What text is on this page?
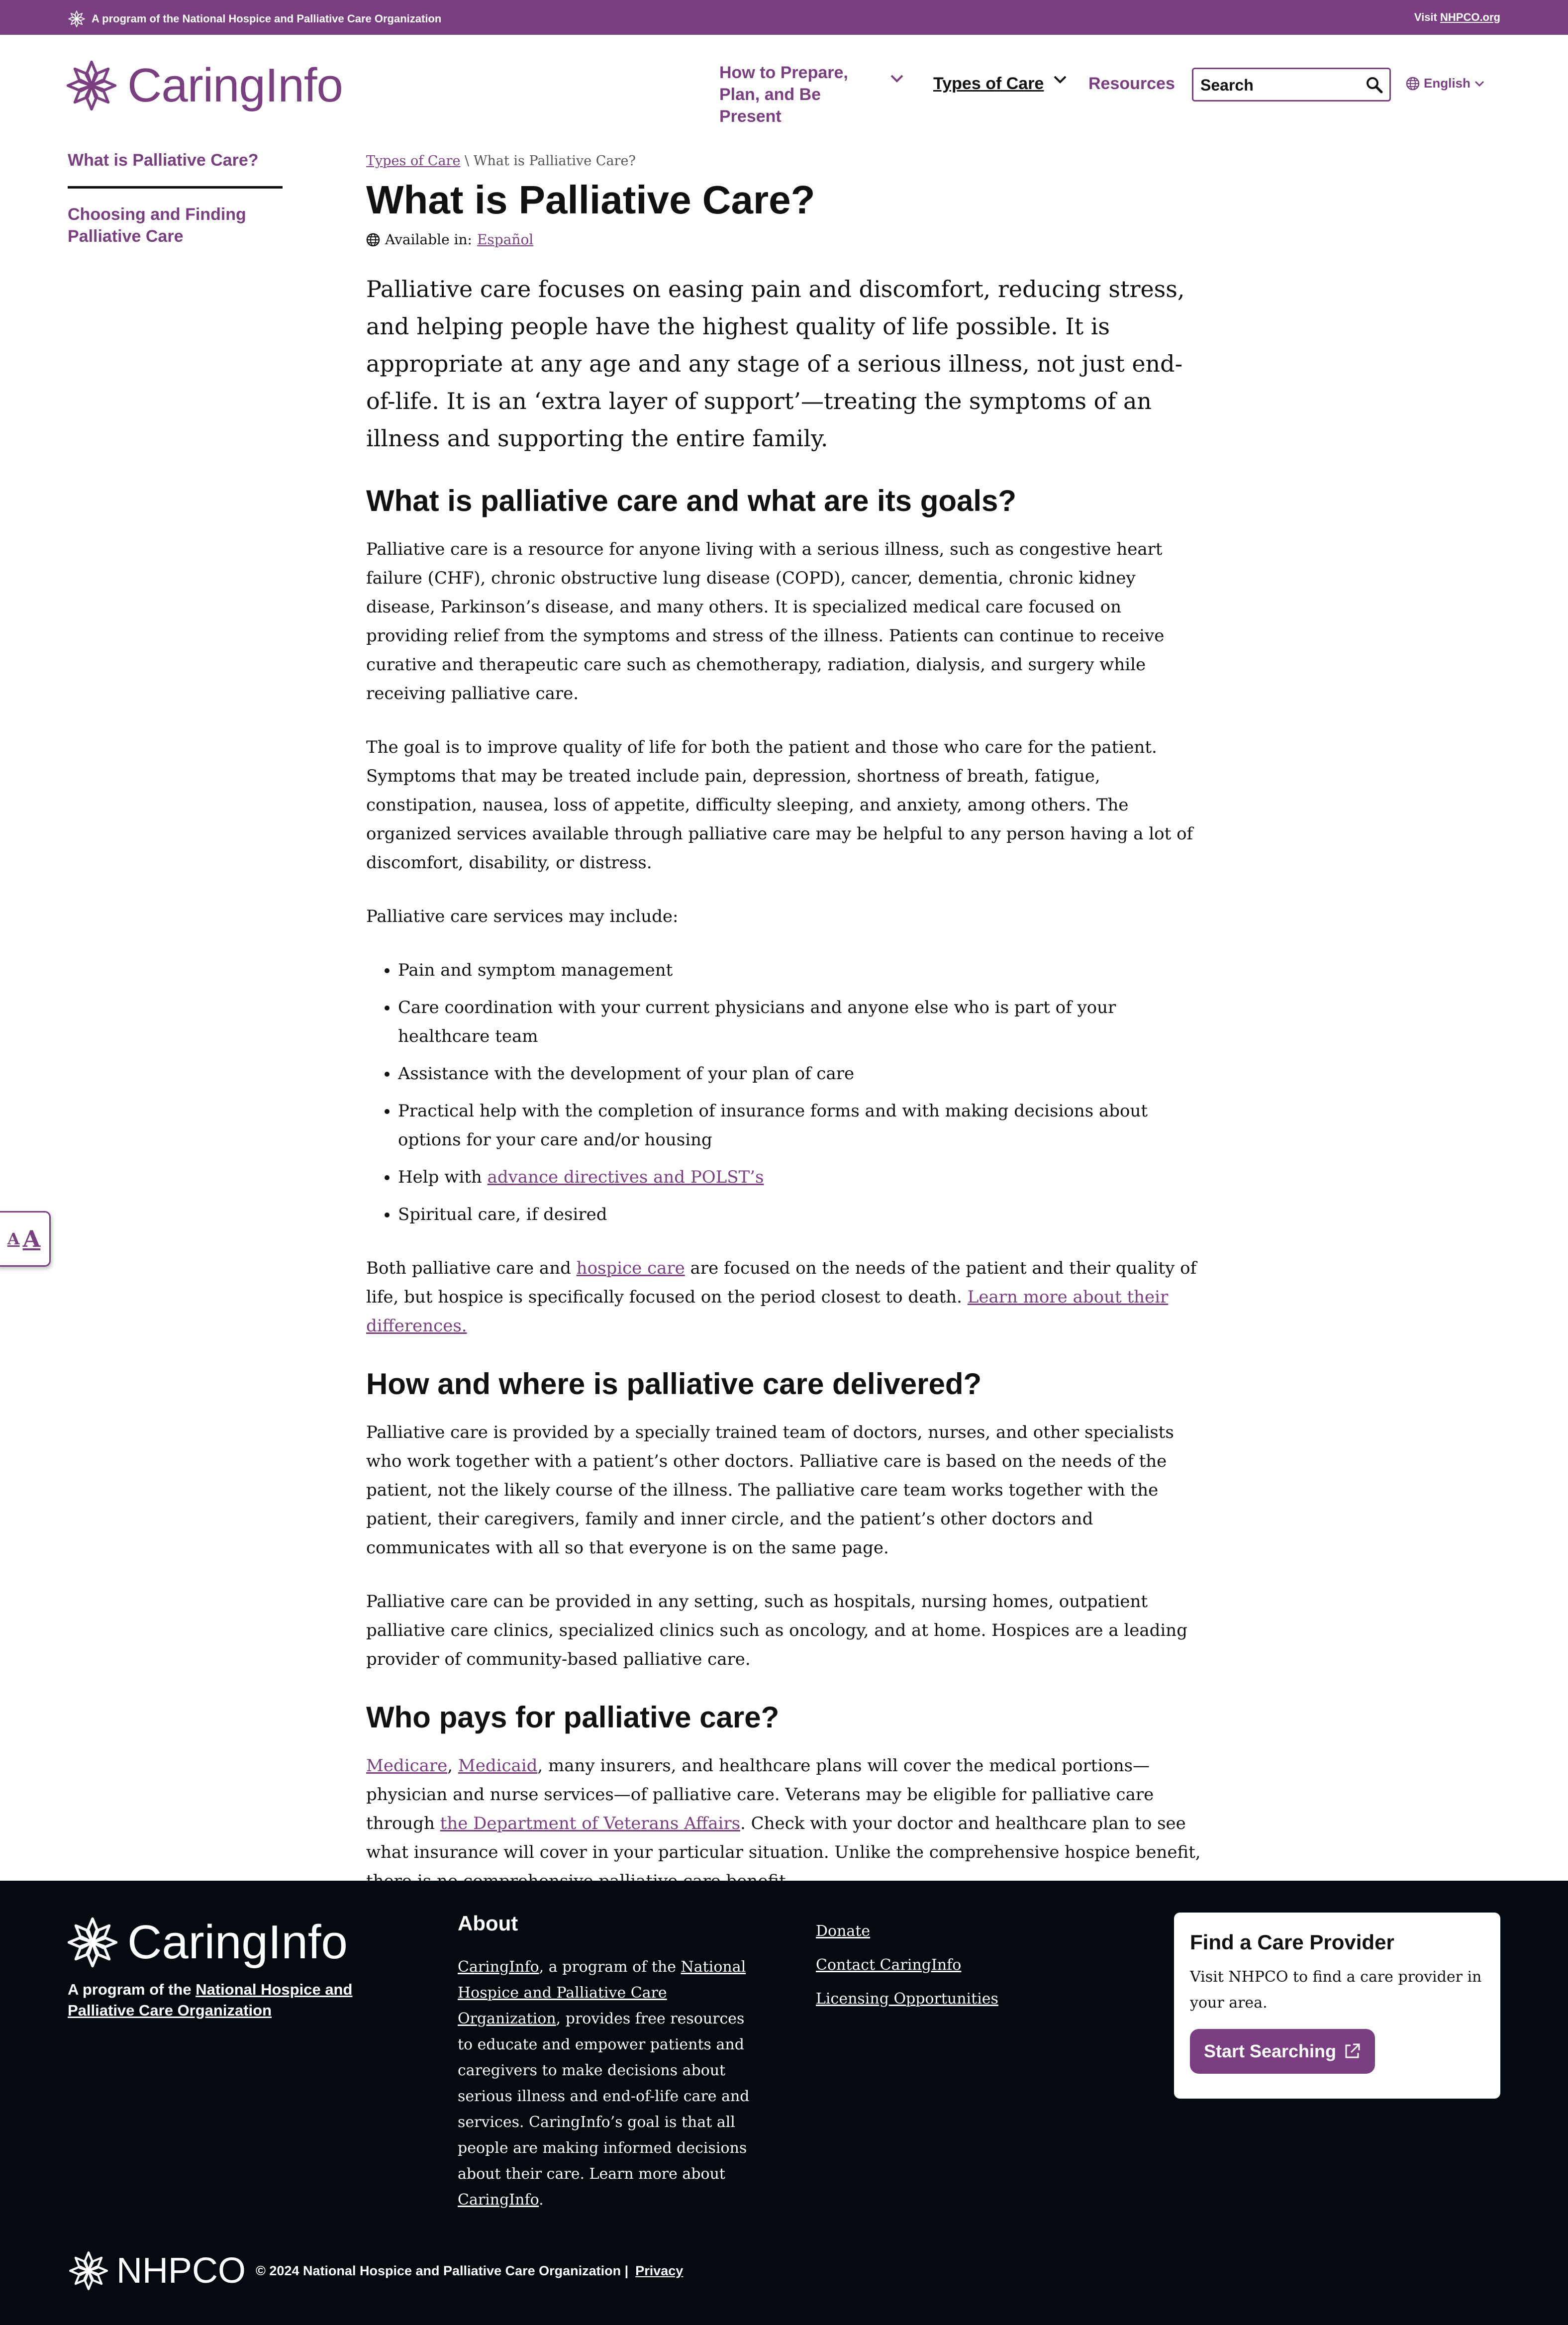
A program of the National Hospice and Palliative Care Organization	Visit NHPCO.org
CaringInfo	How to Prepare, Plan, and Be Present
Types of Care	Resources
Search	English
What is Palliative Care?
Choosing and Finding Palliative Care
A A
Types of Care \ What is Palliative Care?
What is Palliative Care?
Available in: Español

Palliative care focuses on easing pain and discomfort, reducing stress, and helping people have the highest quality of life possible. It is appropriate at any age and any stage of a serious illness, not just end-of-life. It is an ‘extra layer of support’—treating the symptoms of an illness and supporting the entire family.

What is palliative care and what are its goals?

Palliative care is a resource for anyone living with a serious illness, such as congestive heart failure (CHF), chronic obstructive lung disease (COPD), cancer, dementia, chronic kidney disease, Parkinson’s disease, and many others. It is specialized medical care focused on providing relief from the symptoms and stress of the illness. Patients can continue to receive curative and therapeutic care such as chemotherapy, radiation, dialysis, and surgery while receiving palliative care.

The goal is to improve quality of life for both the patient and those who care for the patient. Symptoms that may be treated include pain, depression, shortness of breath, fatigue, constipation, nausea, loss of appetite, difficulty sleeping, and anxiety, among others. The organized services available through palliative care may be helpful to any person having a lot of discomfort, disability, or distress.

Palliative care services may include:

• Pain and symptom management
• Care coordination with your current physicians and anyone else who is part of your healthcare team
• Assistance with the development of your plan of care
• Practical help with the completion of insurance forms and with making decisions about options for your care and/or housing
• Help with advance directives and POLST’s
• Spiritual care, if desired

Both palliative care and hospice care are focused on the needs of the patient and their quality of life, but hospice is specifically focused on the period closest to death. Learn more about their differences.

How and where is palliative care delivered?

Palliative care is provided by a specially trained team of doctors, nurses, and other specialists who work together with a patient’s other doctors. Palliative care is based on the needs of the patient, not the likely course of the illness. The palliative care team works together with the patient, their caregivers, family and inner circle, and the patient’s other doctors and communicates with all so that everyone is on the same page.

Palliative care can be provided in any setting, such as hospitals, nursing homes, outpatient palliative care clinics, specialized clinics such as oncology, and at home. Hospices are a leading provider of community-based palliative care.

Who pays for palliative care?

Medicare, Medicaid, many insurers, and healthcare plans will cover the medical portions—physician and nurse services—of palliative care. Veterans may be eligible for palliative care through the Department of Veterans Affairs. Check with your doctor and healthcare plan to see what insurance will cover in your particular situation. Unlike the comprehensive hospice benefit,

CaringInfo
A program of the National Hospice and Palliative Care Organization
About
CaringInfo, a program of the National Hospice and Palliative Care Organization, provides free resources to educate and empower patients and caregivers to make decisions about serious illness and end-of-life care and services. CaringInfo’s goal is that all people are making informed decisions about their care. Learn more about CaringInfo.
Donate
Contact CaringInfo
Licensing Opportunities
Find a Care Provider
Visit NHPCO to find a care provider in your area.
Start Searching
NHPCO © 2024 National Hospice and Palliative Care Organization | Privacy
